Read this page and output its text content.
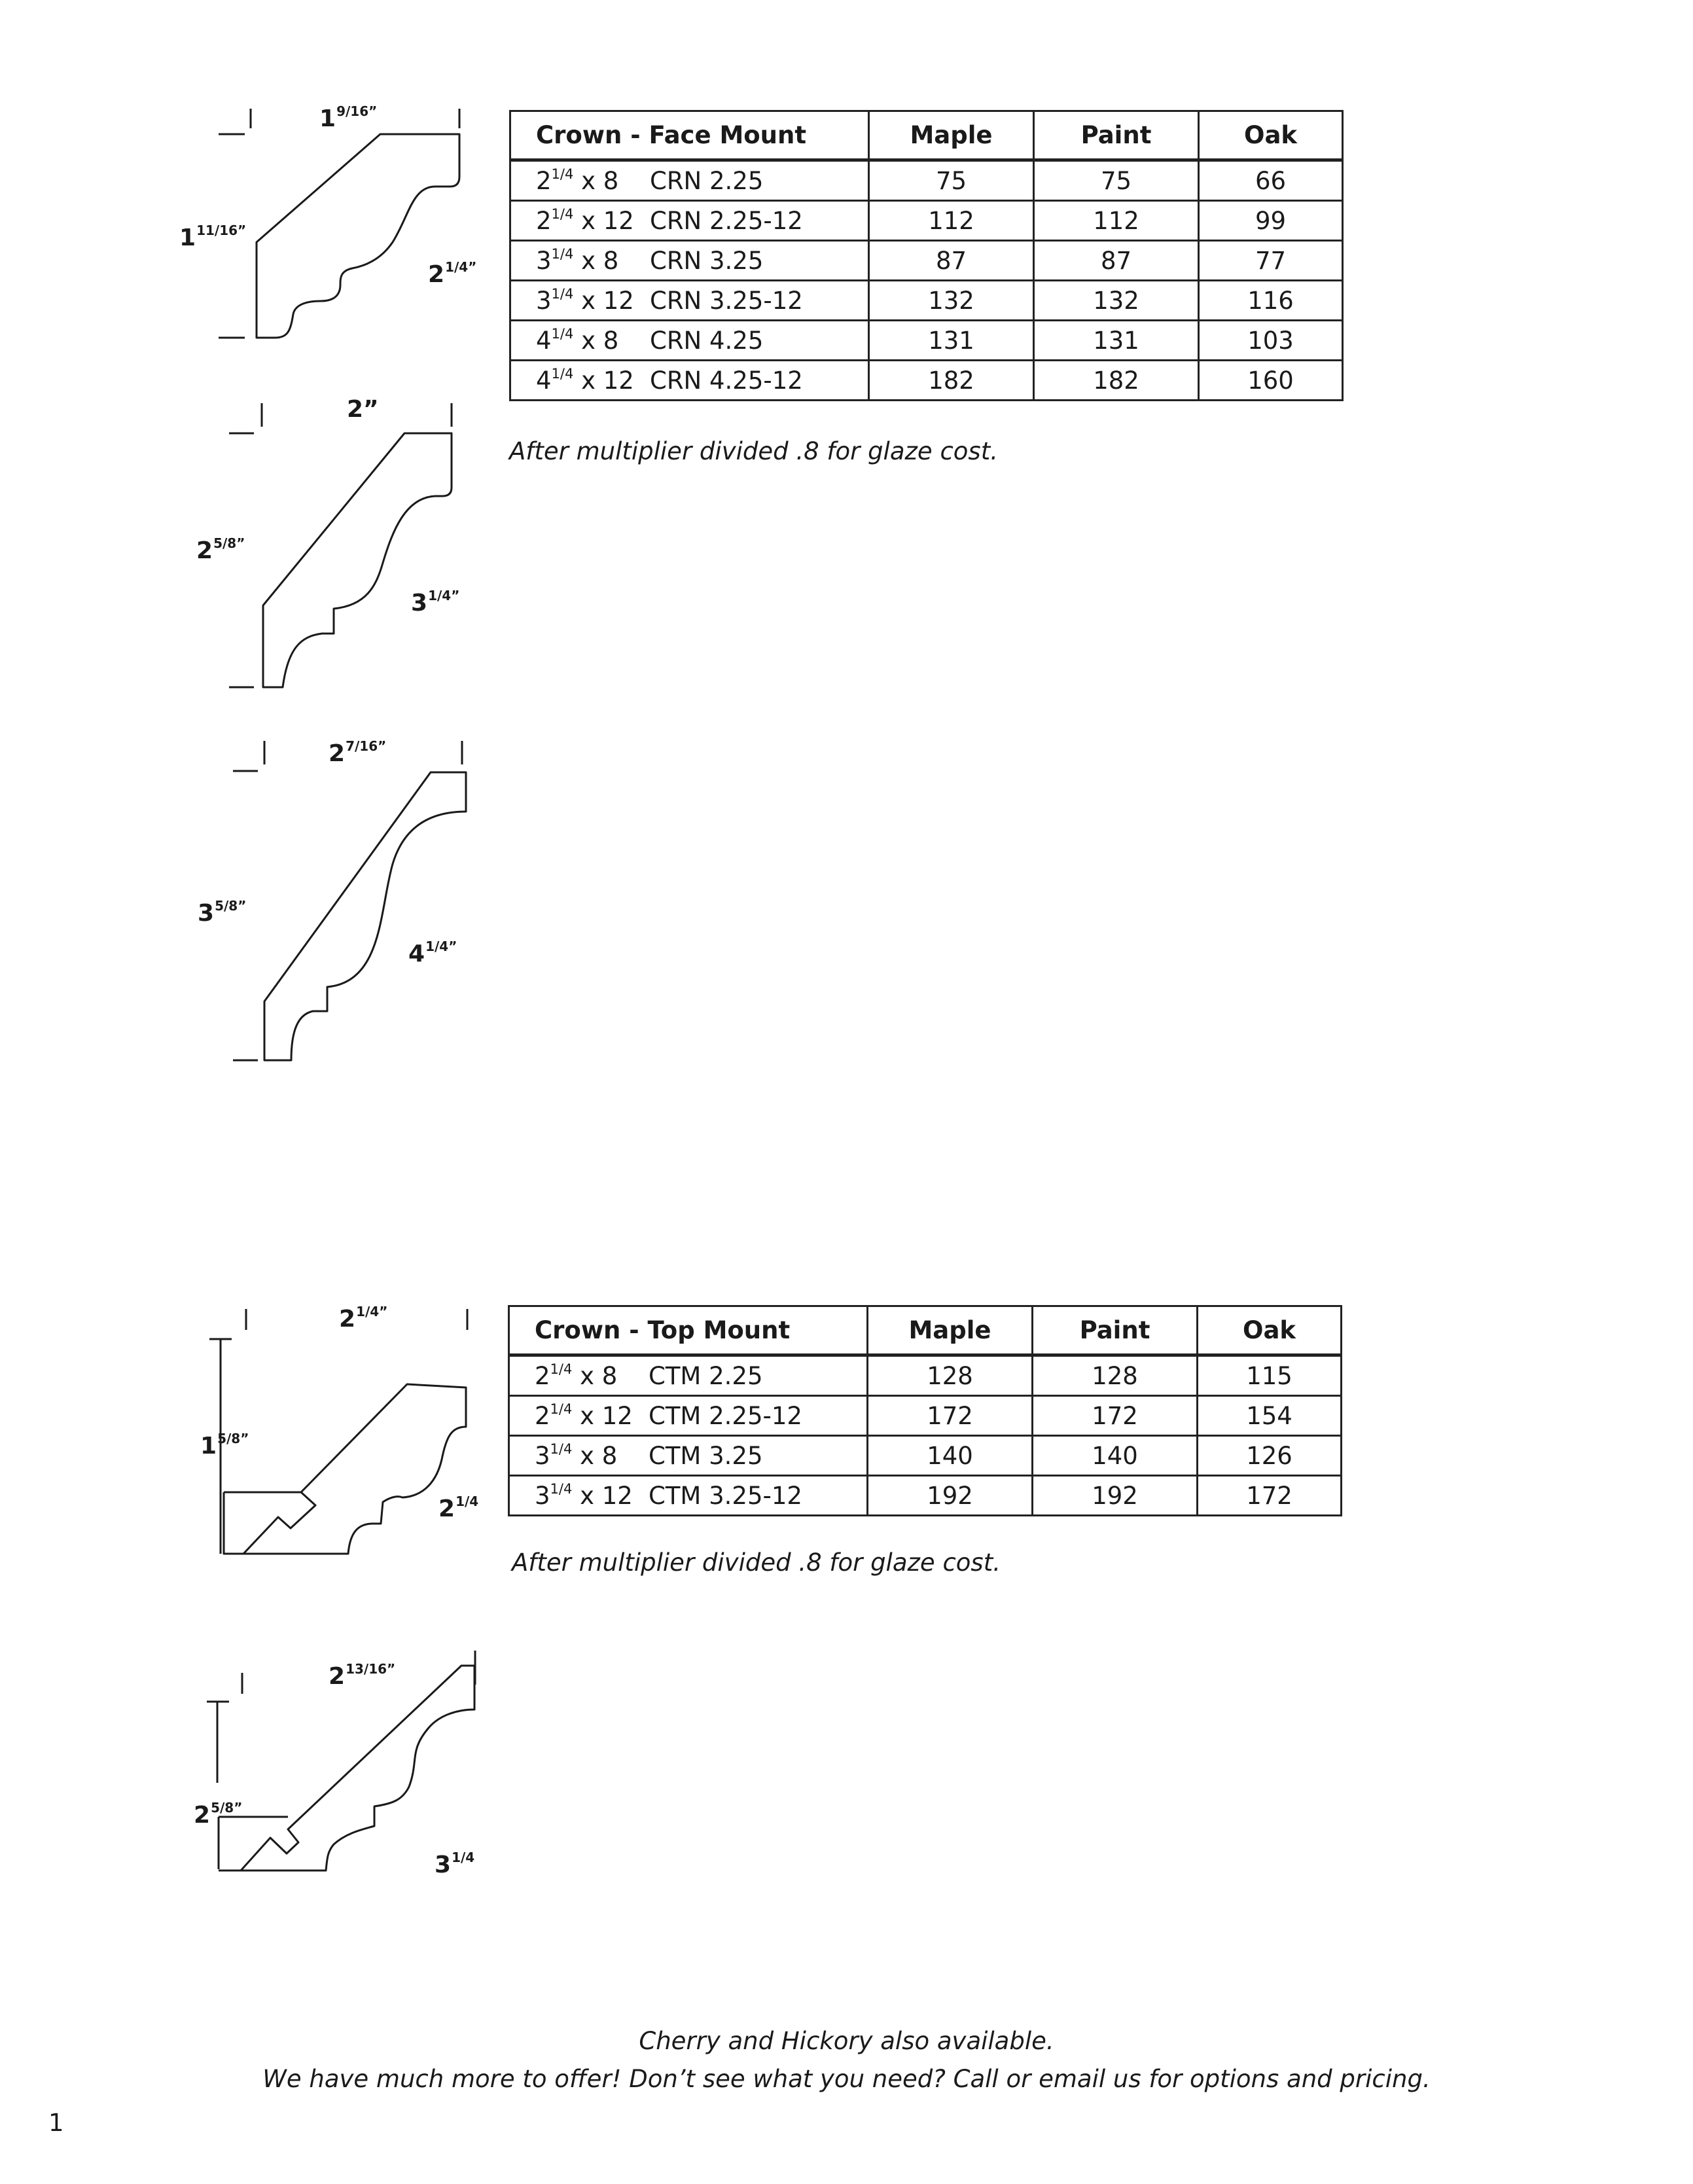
$1^{9/16”}$
$1^{11/16”}$
$2^{1/4”}$
2”
$2^{5/8”}$
$3^{1/4”}$
$2^{7/16”}$
$3^{5/8”}$
$4^{1/4”}$
Crown - Face Mount	Maple	Paint	Oak
$2^{1/4}$ x 8 CRN 2.25	75	75	66
$2^{1/4}$ x 12 CRN 2.25-12	112	112	99
$3^{1/4}$ x 8 CRN 3.25	87	87	77
$3^{1/4}$ x 12 CRN 3.25-12	132	132	116
$4^{1/4}$ x 8 CRN 4.25	131	131	103
$4^{1/4}$ x 12 CRN 4.25-12	182	182	160
After multiplier divided .8 for glaze cost.
$2^{1/4”}$
$1^{5/8”}$
$2^{1/4}$
$2^{13/16”}$
$2^{5/8”}$
$3^{1/4}$
Crown - Top Mount	Maple	Paint	Oak
$2^{1/4}$ x 8 CTM 2.25	128	128	115
$2^{1/4}$ x 12 CTM 2.25-12	172	172	154
$3^{1/4}$ x 8 CTM 3.25	140	140	126
$3^{1/4}$ x 12 CTM 3.25-12	192	192	172
After multiplier divided .8 for glaze cost.
Cherry and Hickory also available.
We have much more to offer! Don’t see what you need? Call or email us for options and pricing.
1
